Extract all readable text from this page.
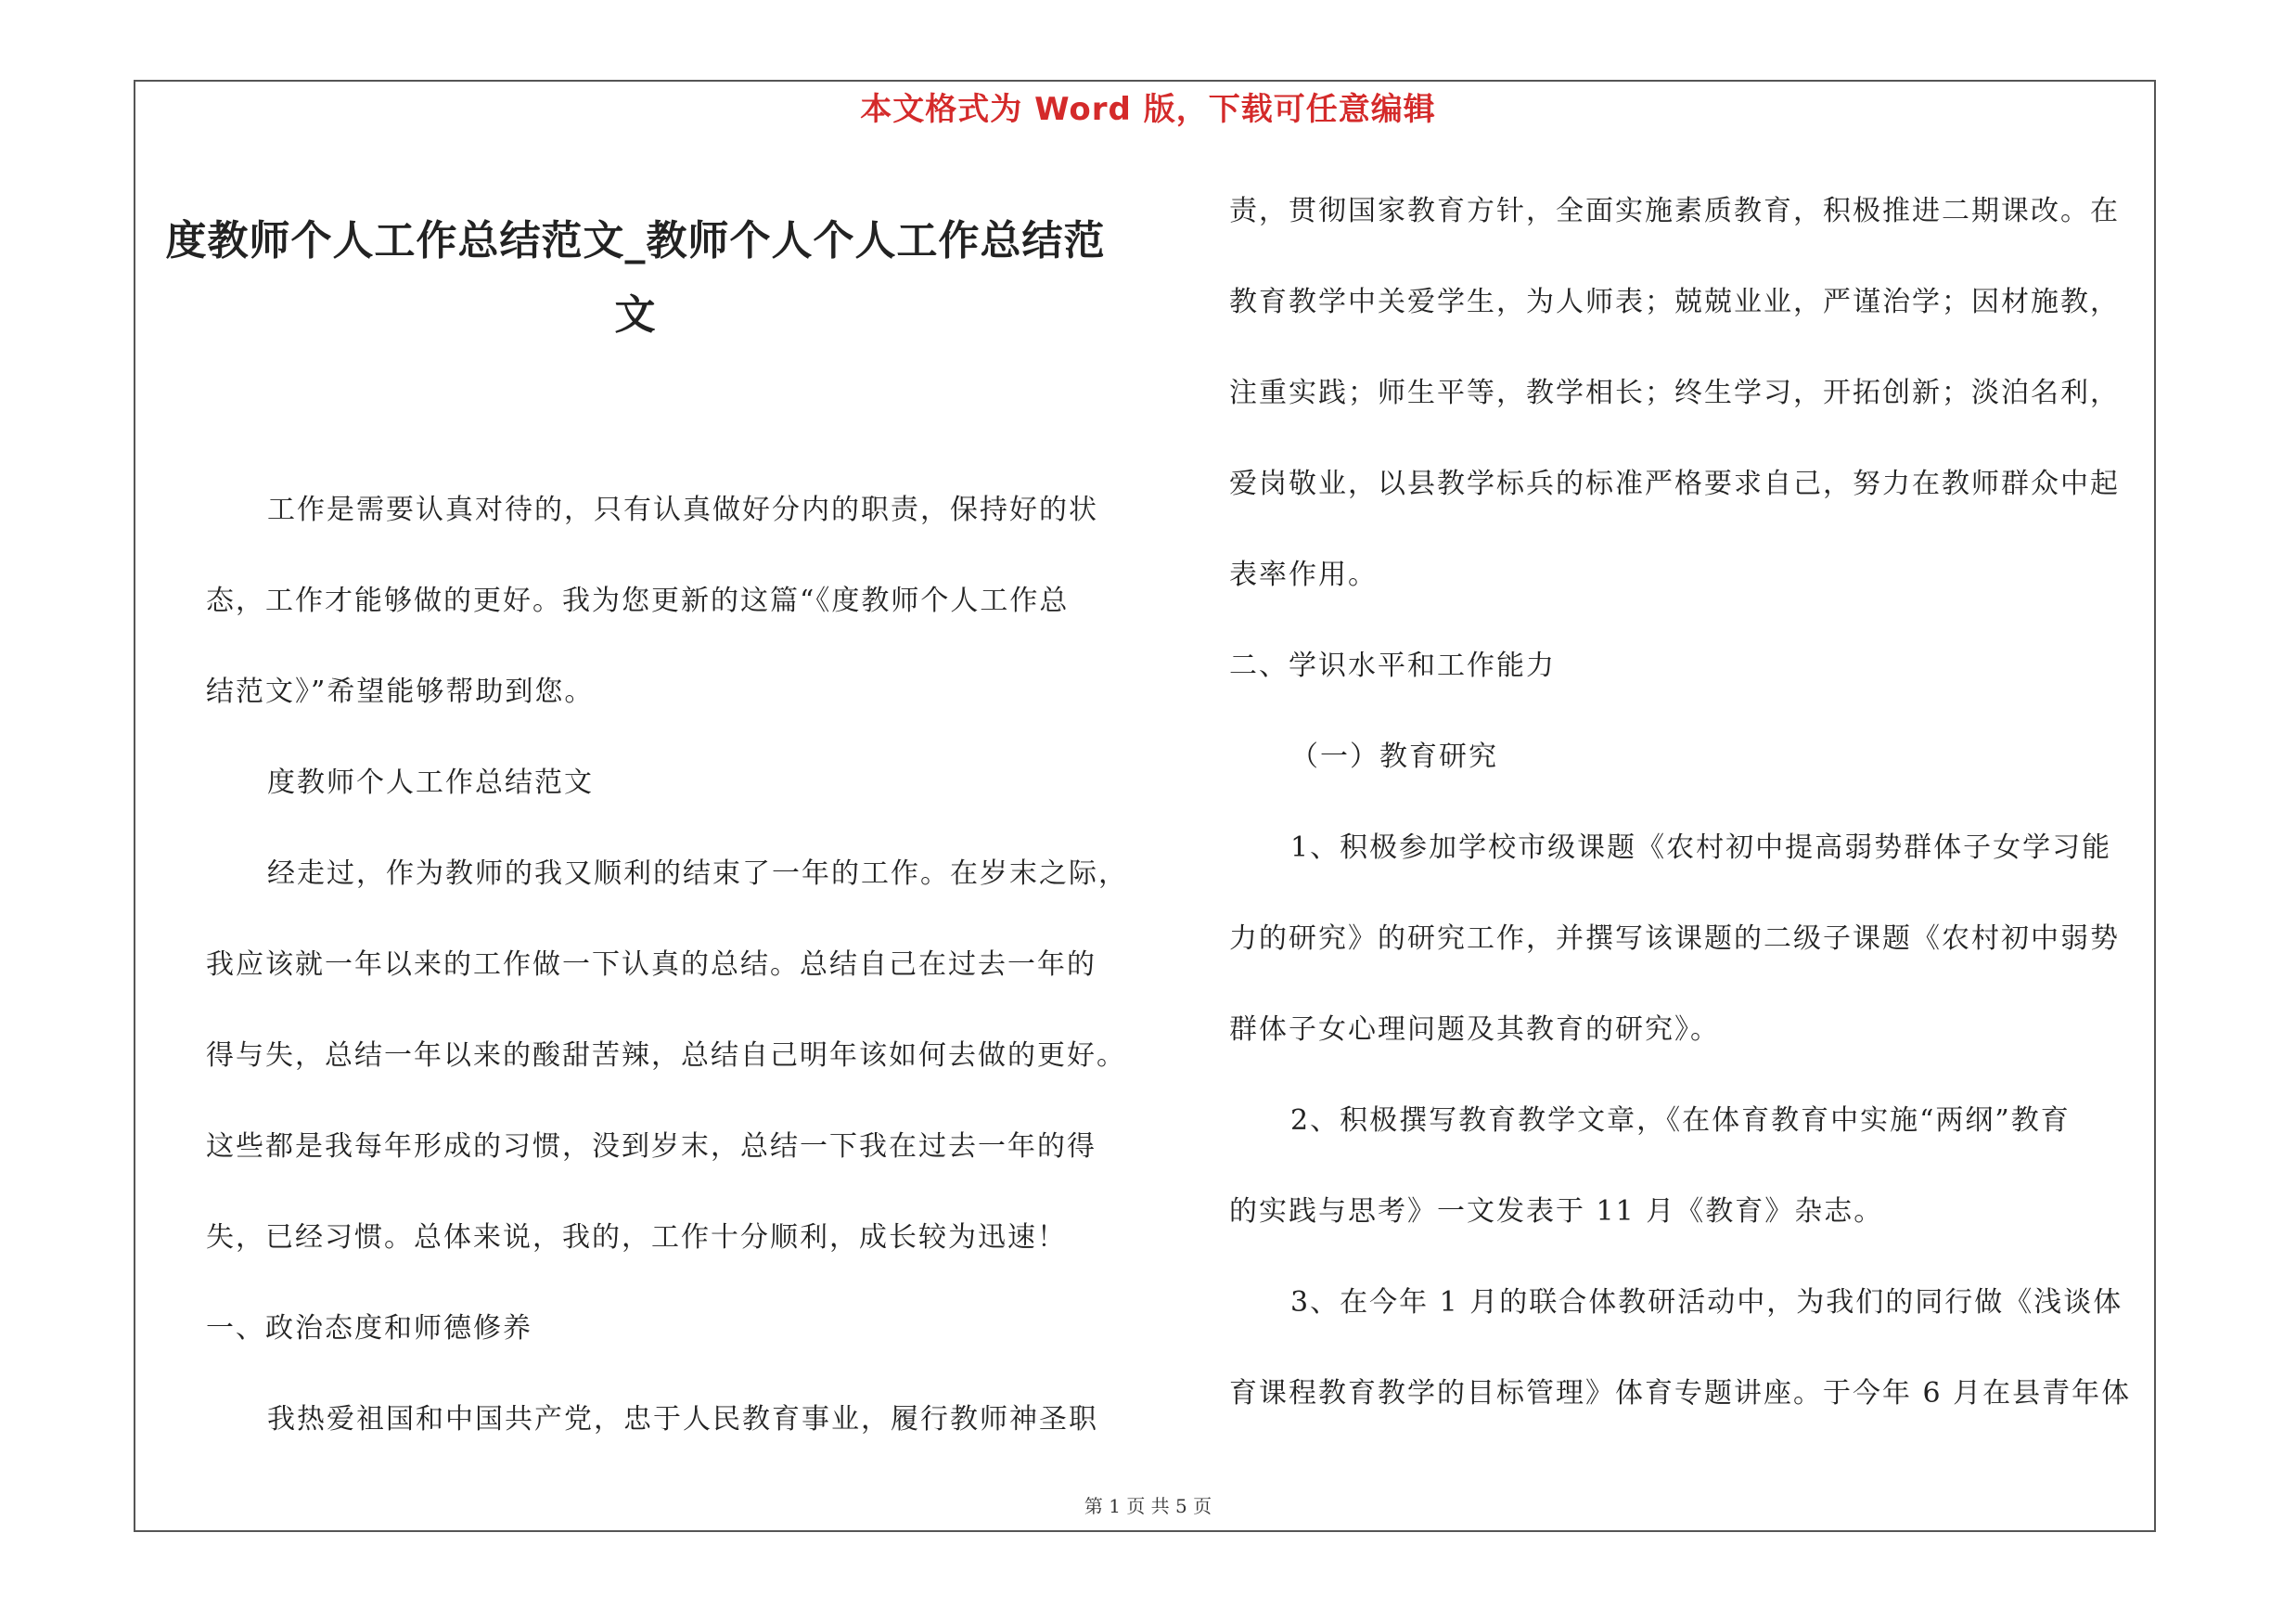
本文格式为 Word 版，下载可任意编辑
度教师个人工作总结范文_教师个人个人工作总结范
文
工作是需要认真对待的，只有认真做好分内的职责，保持好的状
态，工作才能够做的更好。我为您更新的这篇“《度教师个人工作总
结范文》”希望能够帮助到您。
度教师个人工作总结范文
经走过，作为教师的我又顺利的结束了一年的工作。在岁末之际，
我应该就一年以来的工作做一下认真的总结。总结自己在过去一年的
得与失，总结一年以来的酸甜苦辣，总结自己明年该如何去做的更好。
这些都是我每年形成的习惯，没到岁末，总结一下我在过去一年的得
失，已经习惯。总体来说，我的，工作十分顺利，成长较为迅速！
一、政治态度和师德修养
我热爱祖国和中国共产党，忠于人民教育事业，履行教师神圣职
责，贯彻国家教育方针，全面实施素质教育，积极推进二期课改。在
教育教学中关爱学生，为人师表；兢兢业业，严谨治学；因材施教，
注重实践；师生平等，教学相长；终生学习，开拓创新；淡泊名利，
爱岗敬业，以县教学标兵的标准严格要求自己，努力在教师群众中起
表率作用。
二、学识水平和工作能力
（一）教育研究
1、积极参加学校市级课题《农村初中提高弱势群体子女学习能
力的研究》的研究工作，并撰写该课题的二级子课题《农村初中弱势
群体子女心理问题及其教育的研究》。
2、积极撰写教育教学文章，《在体育教育中实施“两纲”教育
的实践与思考》一文发表于 11 月《教育》杂志。
3、在今年 1 月的联合体教研活动中，为我们的同行做《浅谈体
育课程教育教学的目标管理》体育专题讲座。于今年 6 月在县青年体
第 1 页 共 5 页
